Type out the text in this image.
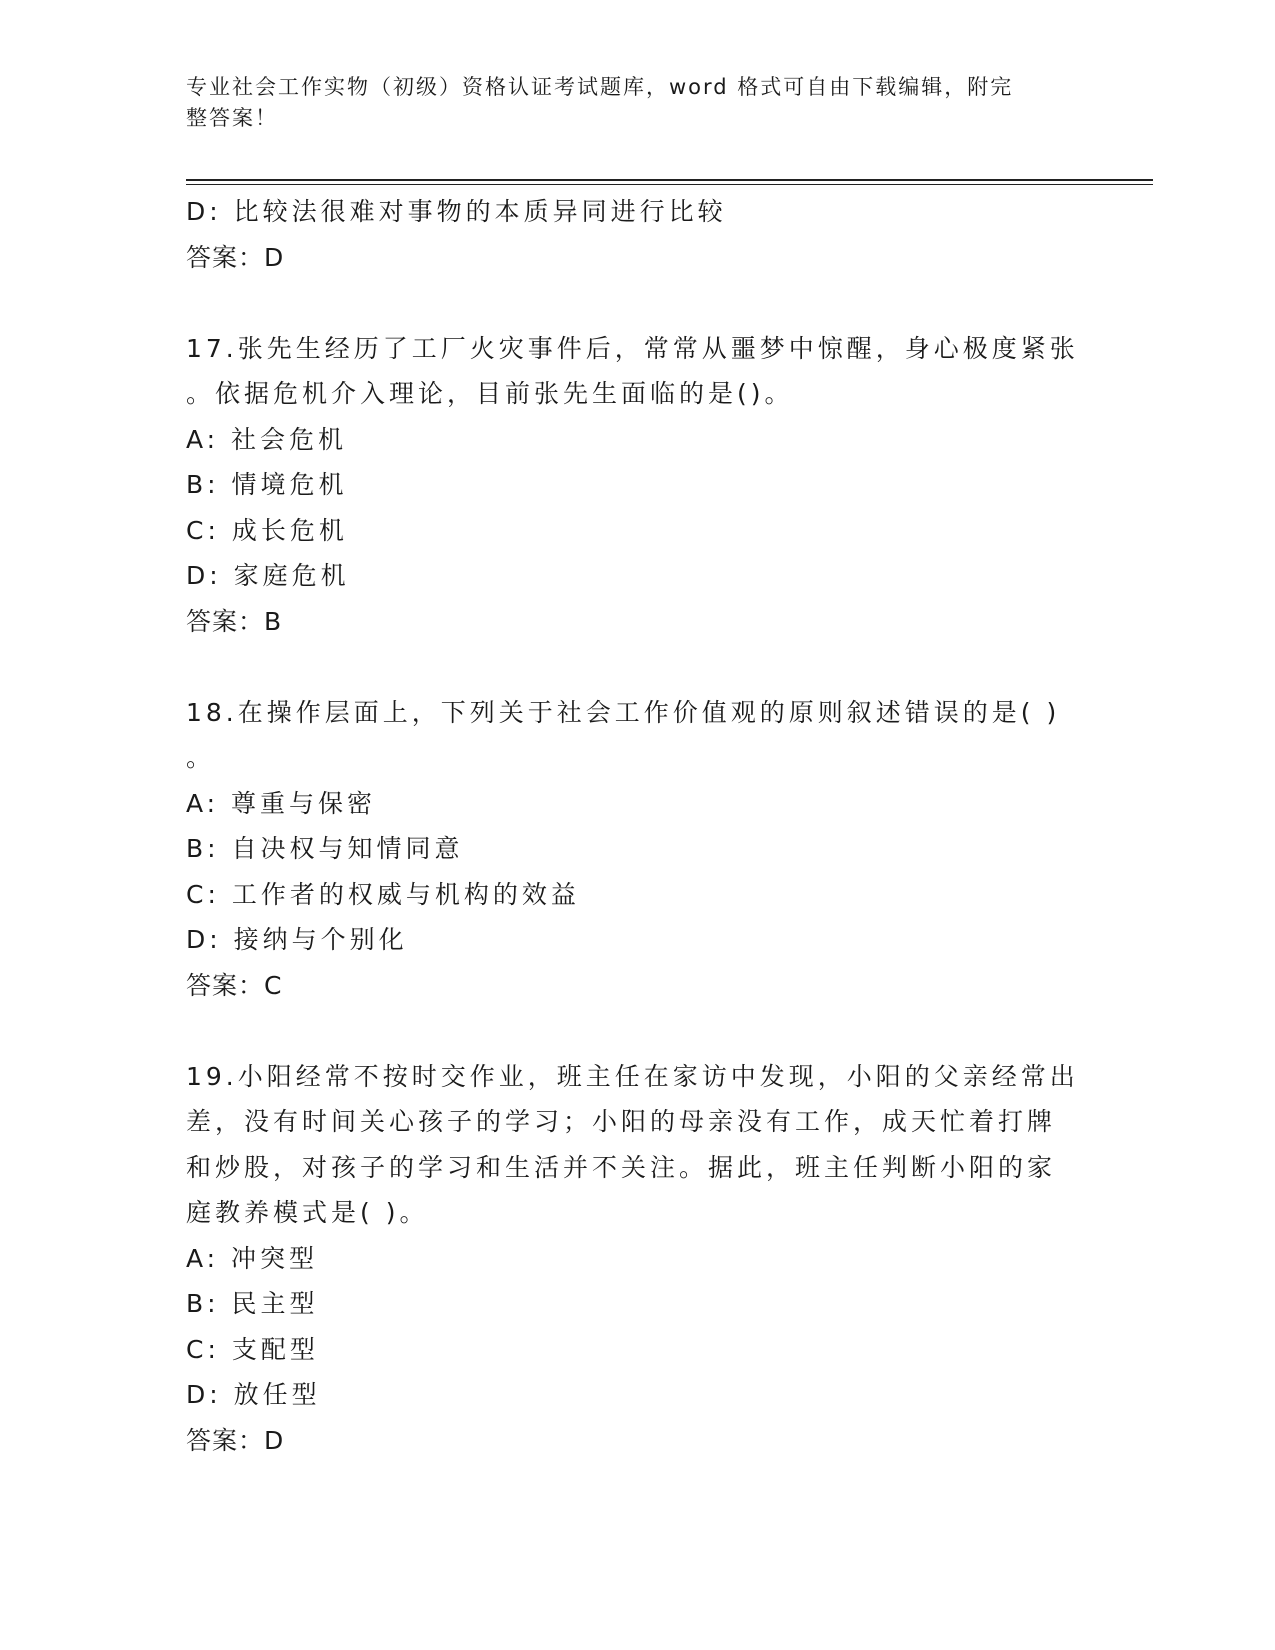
专业社会工作实物（初级）资格认证考试题库，word 格式可自由下载编辑，附完
整答案！
D: 比较法很难对事物的本质异同进行比较
答案：D
17.张先生经历了工厂火灾事件后，常常从噩梦中惊醒，身心极度紧张
。依据危机介入理论，目前张先生面临的是()。
A: 社会危机
B: 情境危机
C: 成长危机
D: 家庭危机
答案：B
18.在操作层面上，下列关于社会工作价值观的原则叙述错误的是( )
。
A: 尊重与保密
B: 自决权与知情同意
C: 工作者的权威与机构的效益
D: 接纳与个别化
答案：C
19.小阳经常不按时交作业，班主任在家访中发现，小阳的父亲经常出
差，没有时间关心孩子的学习；小阳的母亲没有工作，成天忙着打牌
和炒股，对孩子的学习和生活并不关注。据此，班主任判断小阳的家
庭教养模式是( )。
A: 冲突型
B: 民主型
C: 支配型
D: 放任型
答案：D
